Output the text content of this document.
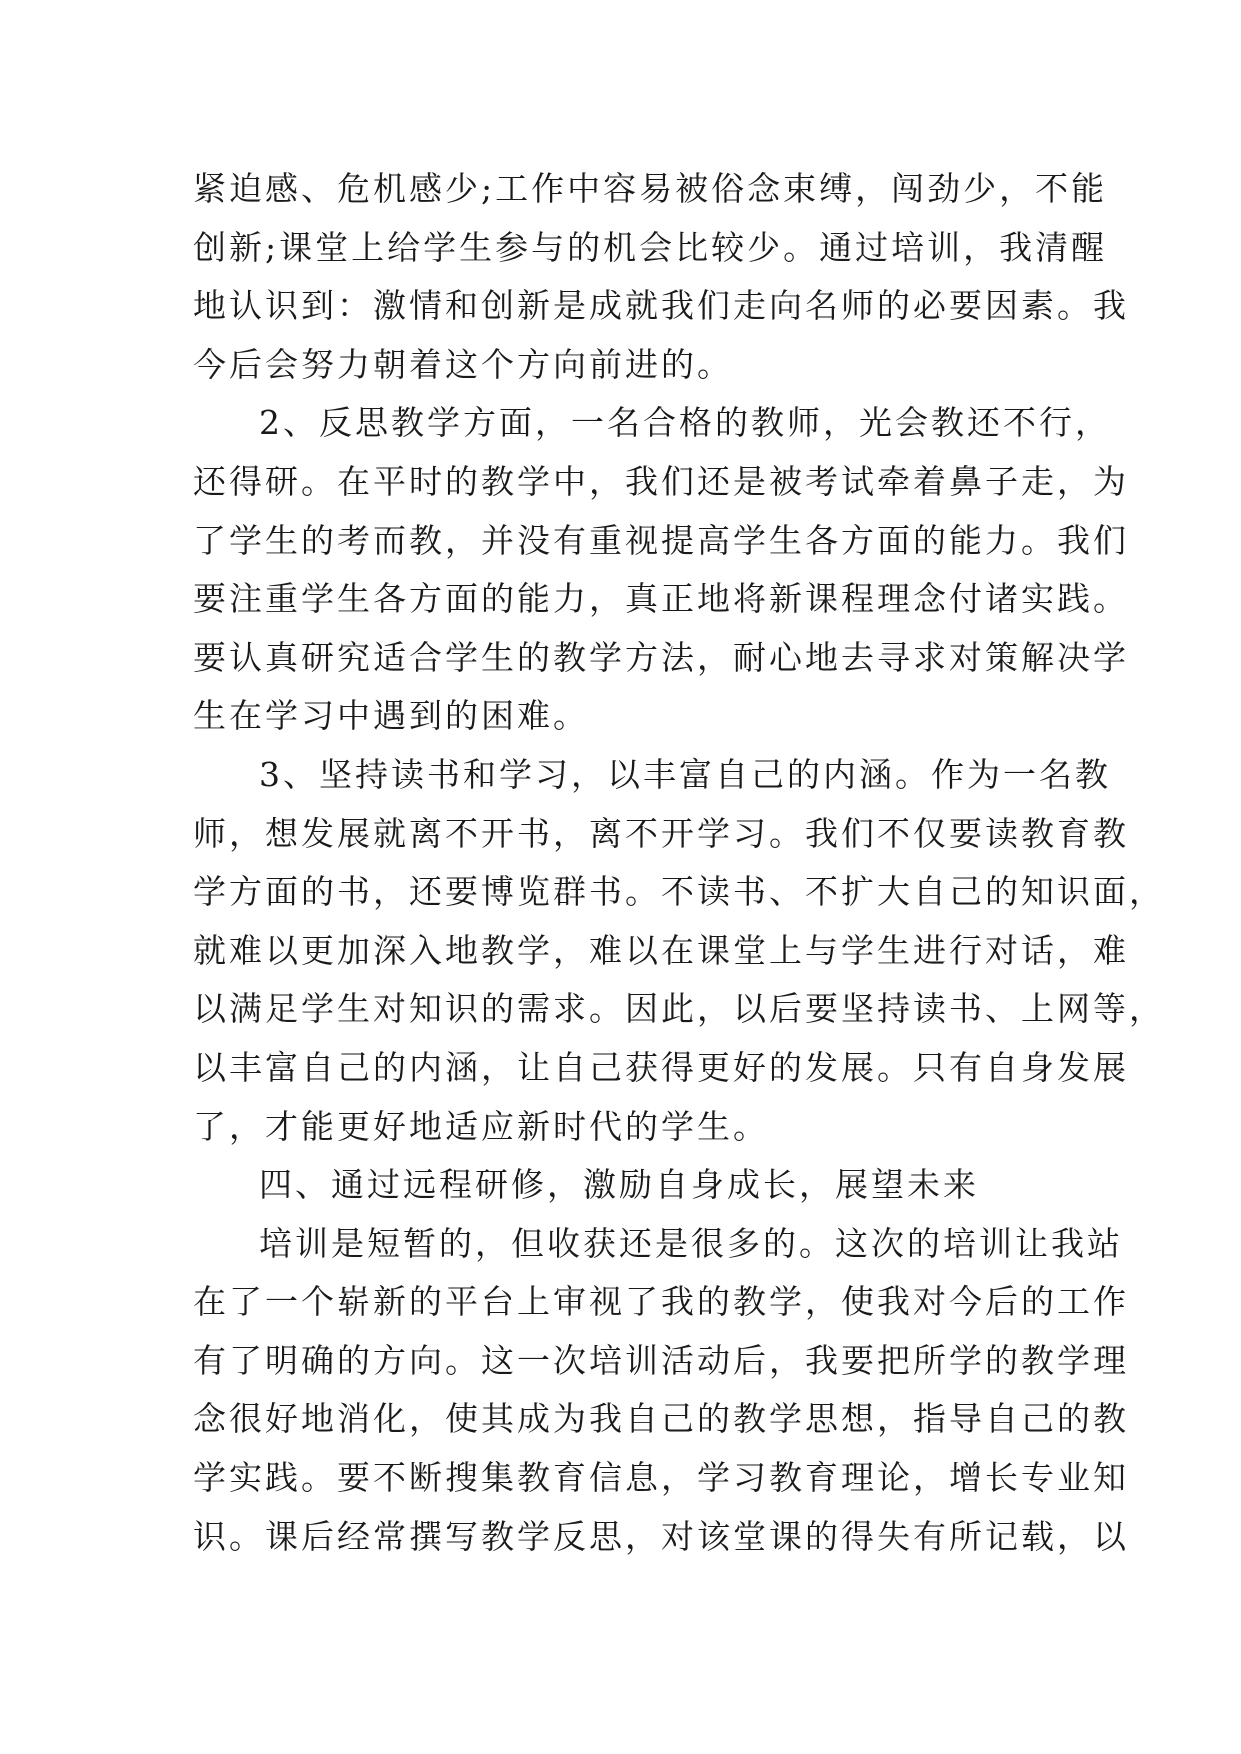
紧迫感、危机感少;工作中容易被俗念束缚，闯劲少，不能
创新;课堂上给学生参与的机会比较少。通过培训，我清醒
地认识到：激情和创新是成就我们走向名师的必要因素。我
今后会努力朝着这个方向前进的。
2、反思教学方面，一名合格的教师，光会教还不行，
还得研。在平时的教学中，我们还是被考试牵着鼻子走，为
了学生的考而教，并没有重视提高学生各方面的能力。我们
要注重学生各方面的能力，真正地将新课程理念付诸实践。
要认真研究适合学生的教学方法，耐心地去寻求对策解决学
生在学习中遇到的困难。
3、坚持读书和学习，以丰富自己的内涵。作为一名教
师，想发展就离不开书，离不开学习。我们不仅要读教育教
学方面的书，还要博览群书。不读书、不扩大自己的知识面，
就难以更加深入地教学，难以在课堂上与学生进行对话，难
以满足学生对知识的需求。因此，以后要坚持读书、上网等，
以丰富自己的内涵，让自己获得更好的发展。只有自身发展
了，才能更好地适应新时代的学生。
四、通过远程研修，激励自身成长，展望未来
培训是短暂的，但收获还是很多的。这次的培训让我站
在了一个崭新的平台上审视了我的教学，使我对今后的工作
有了明确的方向。这一次培训活动后，我要把所学的教学理
念很好地消化，使其成为我自己的教学思想，指导自己的教
学实践。要不断搜集教育信息，学习教育理论，增长专业知
识。课后经常撰写教学反思，对该堂课的得失有所记载，以
